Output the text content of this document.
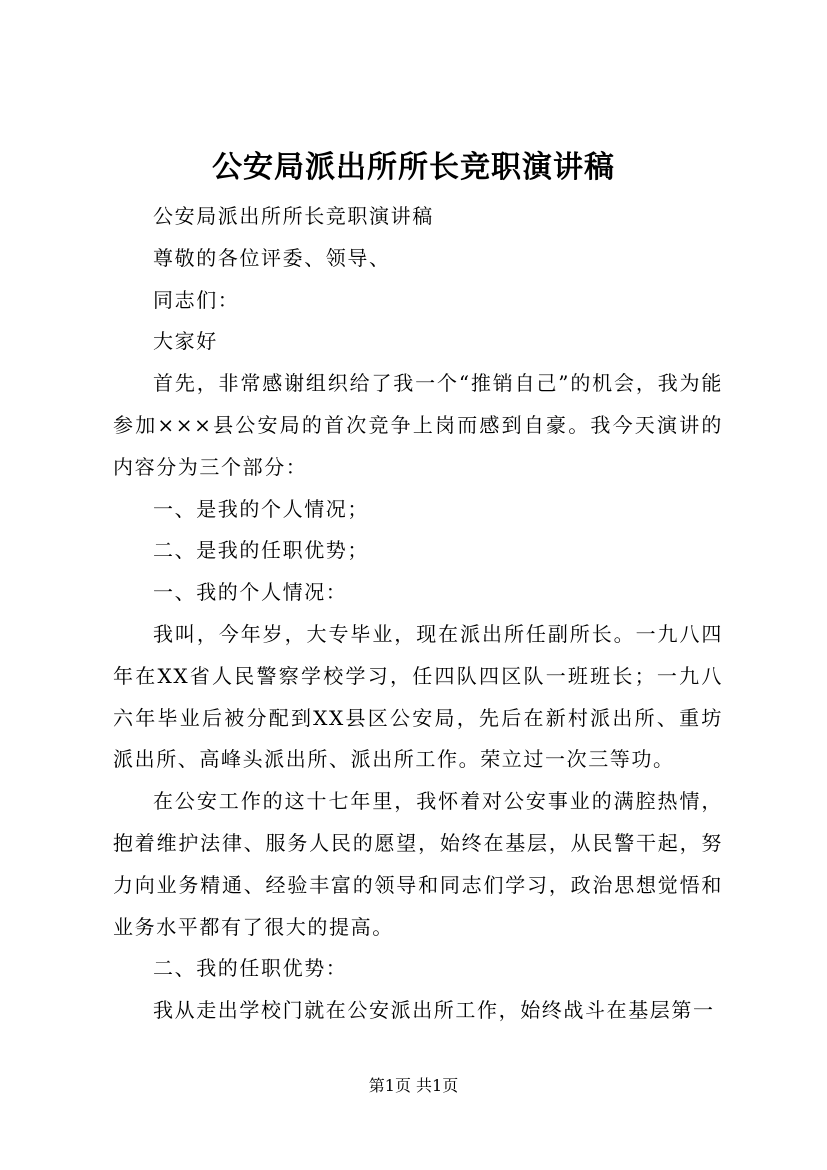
公安局派出所所长竞职演讲稿

公安局派出所所长竞职演讲稿

尊敬的各位评委、领导、

同志们：

大家好

首先，非常感谢组织给了我一个“推销自己”的机会，我为能参加×××县公安局的首次竞争上岗而感到自豪。我今天演讲的内容分为三个部分：

一、是我的个人情况；

二、是我的任职优势；

一、我的个人情况：

我叫，今年岁，大专毕业，现在派出所任副所长。一九八四年在XX省人民警察学校学习，任四队四区队一班班长；一九八六年毕业后被分配到XX县区公安局，先后在新村派出所、重坊派出所、高峰头派出所、派出所工作。荣立过一次三等功。

在公安工作的这十七年里，我怀着对公安事业的满腔热情，抱着维护法律、服务人民的愿望，始终在基层，从民警干起，努力向业务精通、经验丰富的领导和同志们学习，政治思想觉悟和业务水平都有了很大的提高。

二、我的任职优势：

我从走出学校门就在公安派出所工作，始终战斗在基层第一

第1页 共1页
